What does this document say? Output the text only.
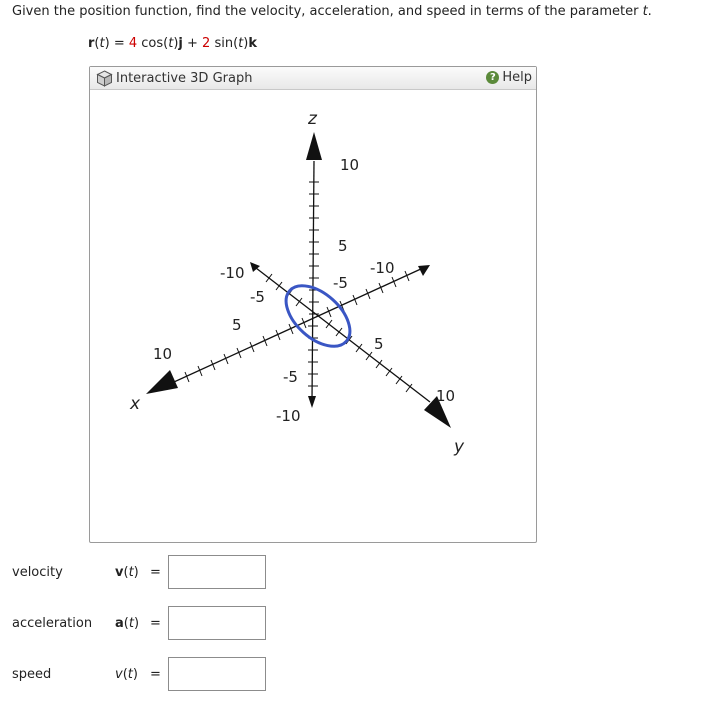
Given the position function, find the velocity, acceleration, and speed in terms of the parameter t.
r(t) = 4 cos(t)j + 2 sin(t)k
Interactive 3D Graph	? Help
z
x
y
10
5
-5
-10
10
5
-5
-10
10
5
-5
-10
velocity	v(t) =
acceleration a(t) =
speed	v(t) =
